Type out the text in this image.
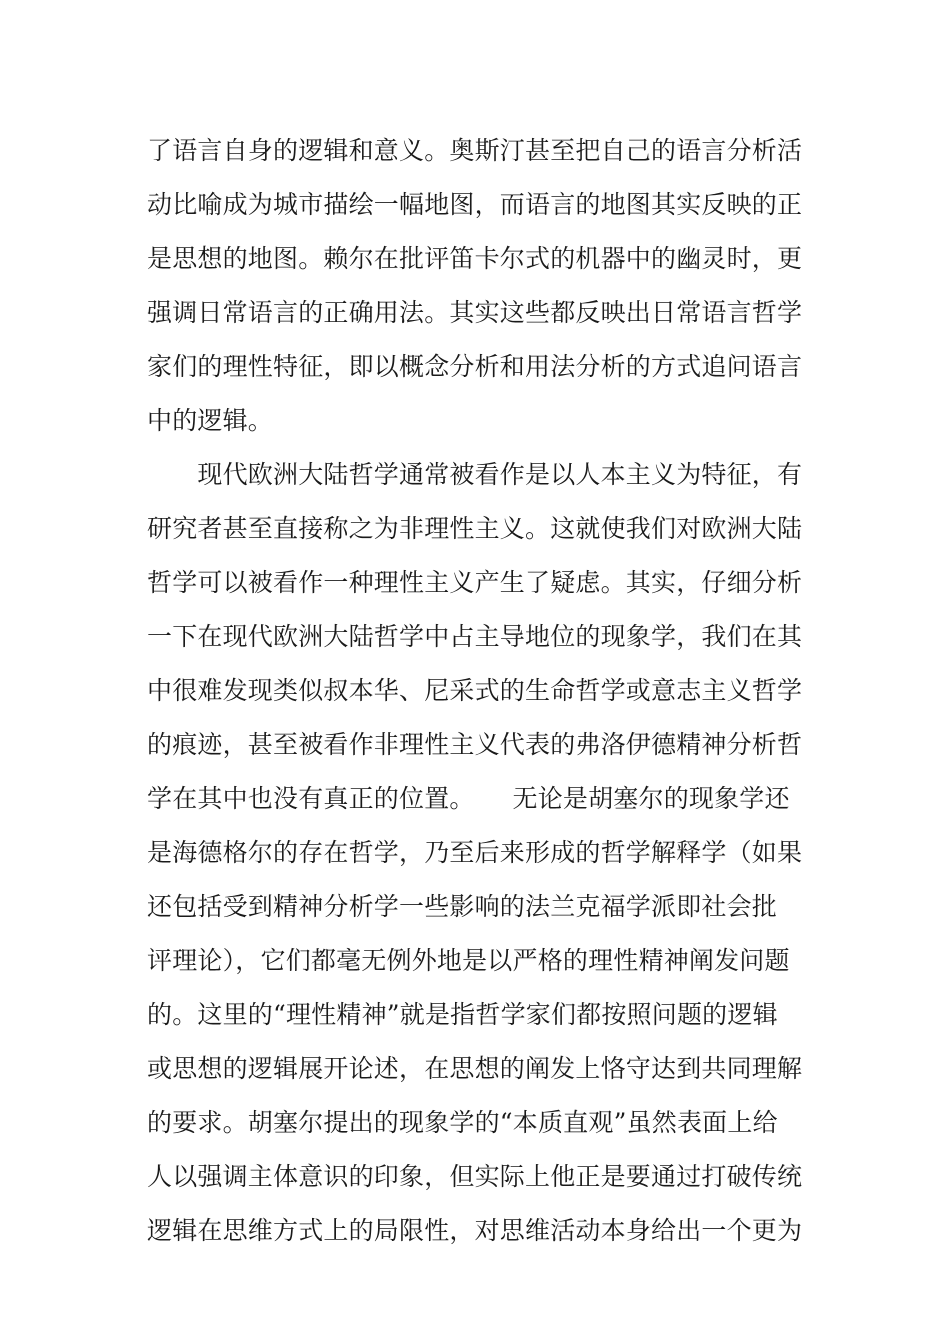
了语言自身的逻辑和意义。奥斯汀甚至把自己的语言分析活
动比喻成为城市描绘一幅地图，而语言的地图其实反映的正
是思想的地图。赖尔在批评笛卡尔式的机器中的幽灵时，更
强调日常语言的正确用法。其实这些都反映出日常语言哲学
家们的理性特征，即以概念分析和用法分析的方式追问语言
中的逻辑。
　　现代欧洲大陆哲学通常被看作是以人本主义为特征，有
研究者甚至直接称之为非理性主义。这就使我们对欧洲大陆
哲学可以被看作一种理性主义产生了疑虑。其实，仔细分析
一下在现代欧洲大陆哲学中占主导地位的现象学，我们在其
中很难发现类似叔本华、尼采式的生命哲学或意志主义哲学
的痕迹，甚至被看作非理性主义代表的弗洛伊德精神分析哲
学在其中也没有真正的位置。　　无论是胡塞尔的现象学还
是海德格尔的存在哲学，乃至后来形成的哲学解释学（如果
还包括受到精神分析学一些影响的法兰克福学派即社会批
评理论），它们都毫无例外地是以严格的理性精神阐发问题
的。这里的“理性精神”就是指哲学家们都按照问题的逻辑
或思想的逻辑展开论述，在思想的阐发上恪守达到共同理解
的要求。胡塞尔提出的现象学的“本质直观”虽然表面上给
人以强调主体意识的印象，但实际上他正是要通过打破传统
逻辑在思维方式上的局限性，对思维活动本身给出一个更为
